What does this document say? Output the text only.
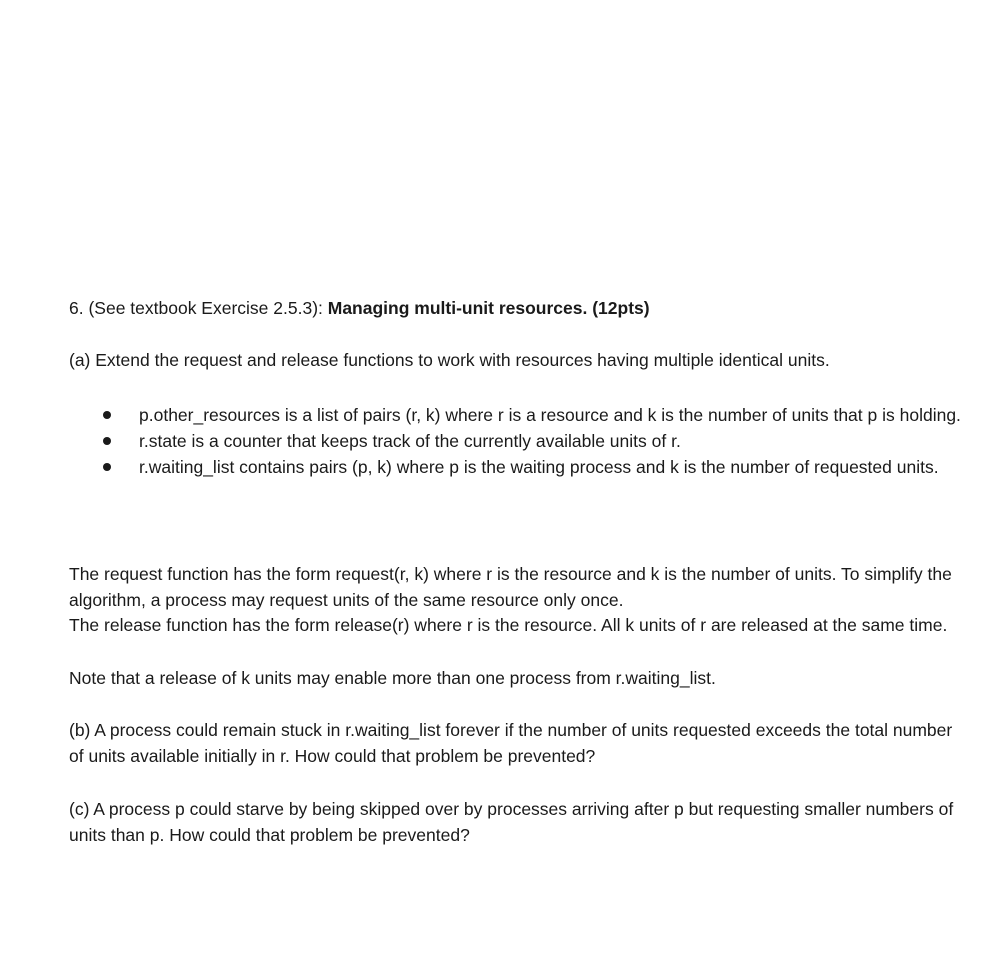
6. (See textbook Exercise 2.5.3): Managing multi-unit resources. (12pts)
(a) Extend the request and release functions to work with resources having multiple identical units.
p.other_resources is a list of pairs (r, k) where r is a resource and k is the number of units that p is holding.
r.state is a counter that keeps track of the currently available units of r.
r.waiting_list contains pairs (p, k) where p is the waiting process and k is the number of requested units.
The request function has the form request(r, k) where r is the resource and k is the number of units. To simplify the algorithm, a process may request units of the same resource only once.
The release function has the form release(r) where r is the resource. All k units of r are released at the same time.
Note that a release of k units may enable more than one process from r.waiting_list.
(b) A process could remain stuck in r.waiting_list forever if the number of units requested exceeds the total number of units available initially in r. How could that problem be prevented?
(c) A process p could starve by being skipped over by processes arriving after p but requesting smaller numbers of units than p. How could that problem be prevented?
